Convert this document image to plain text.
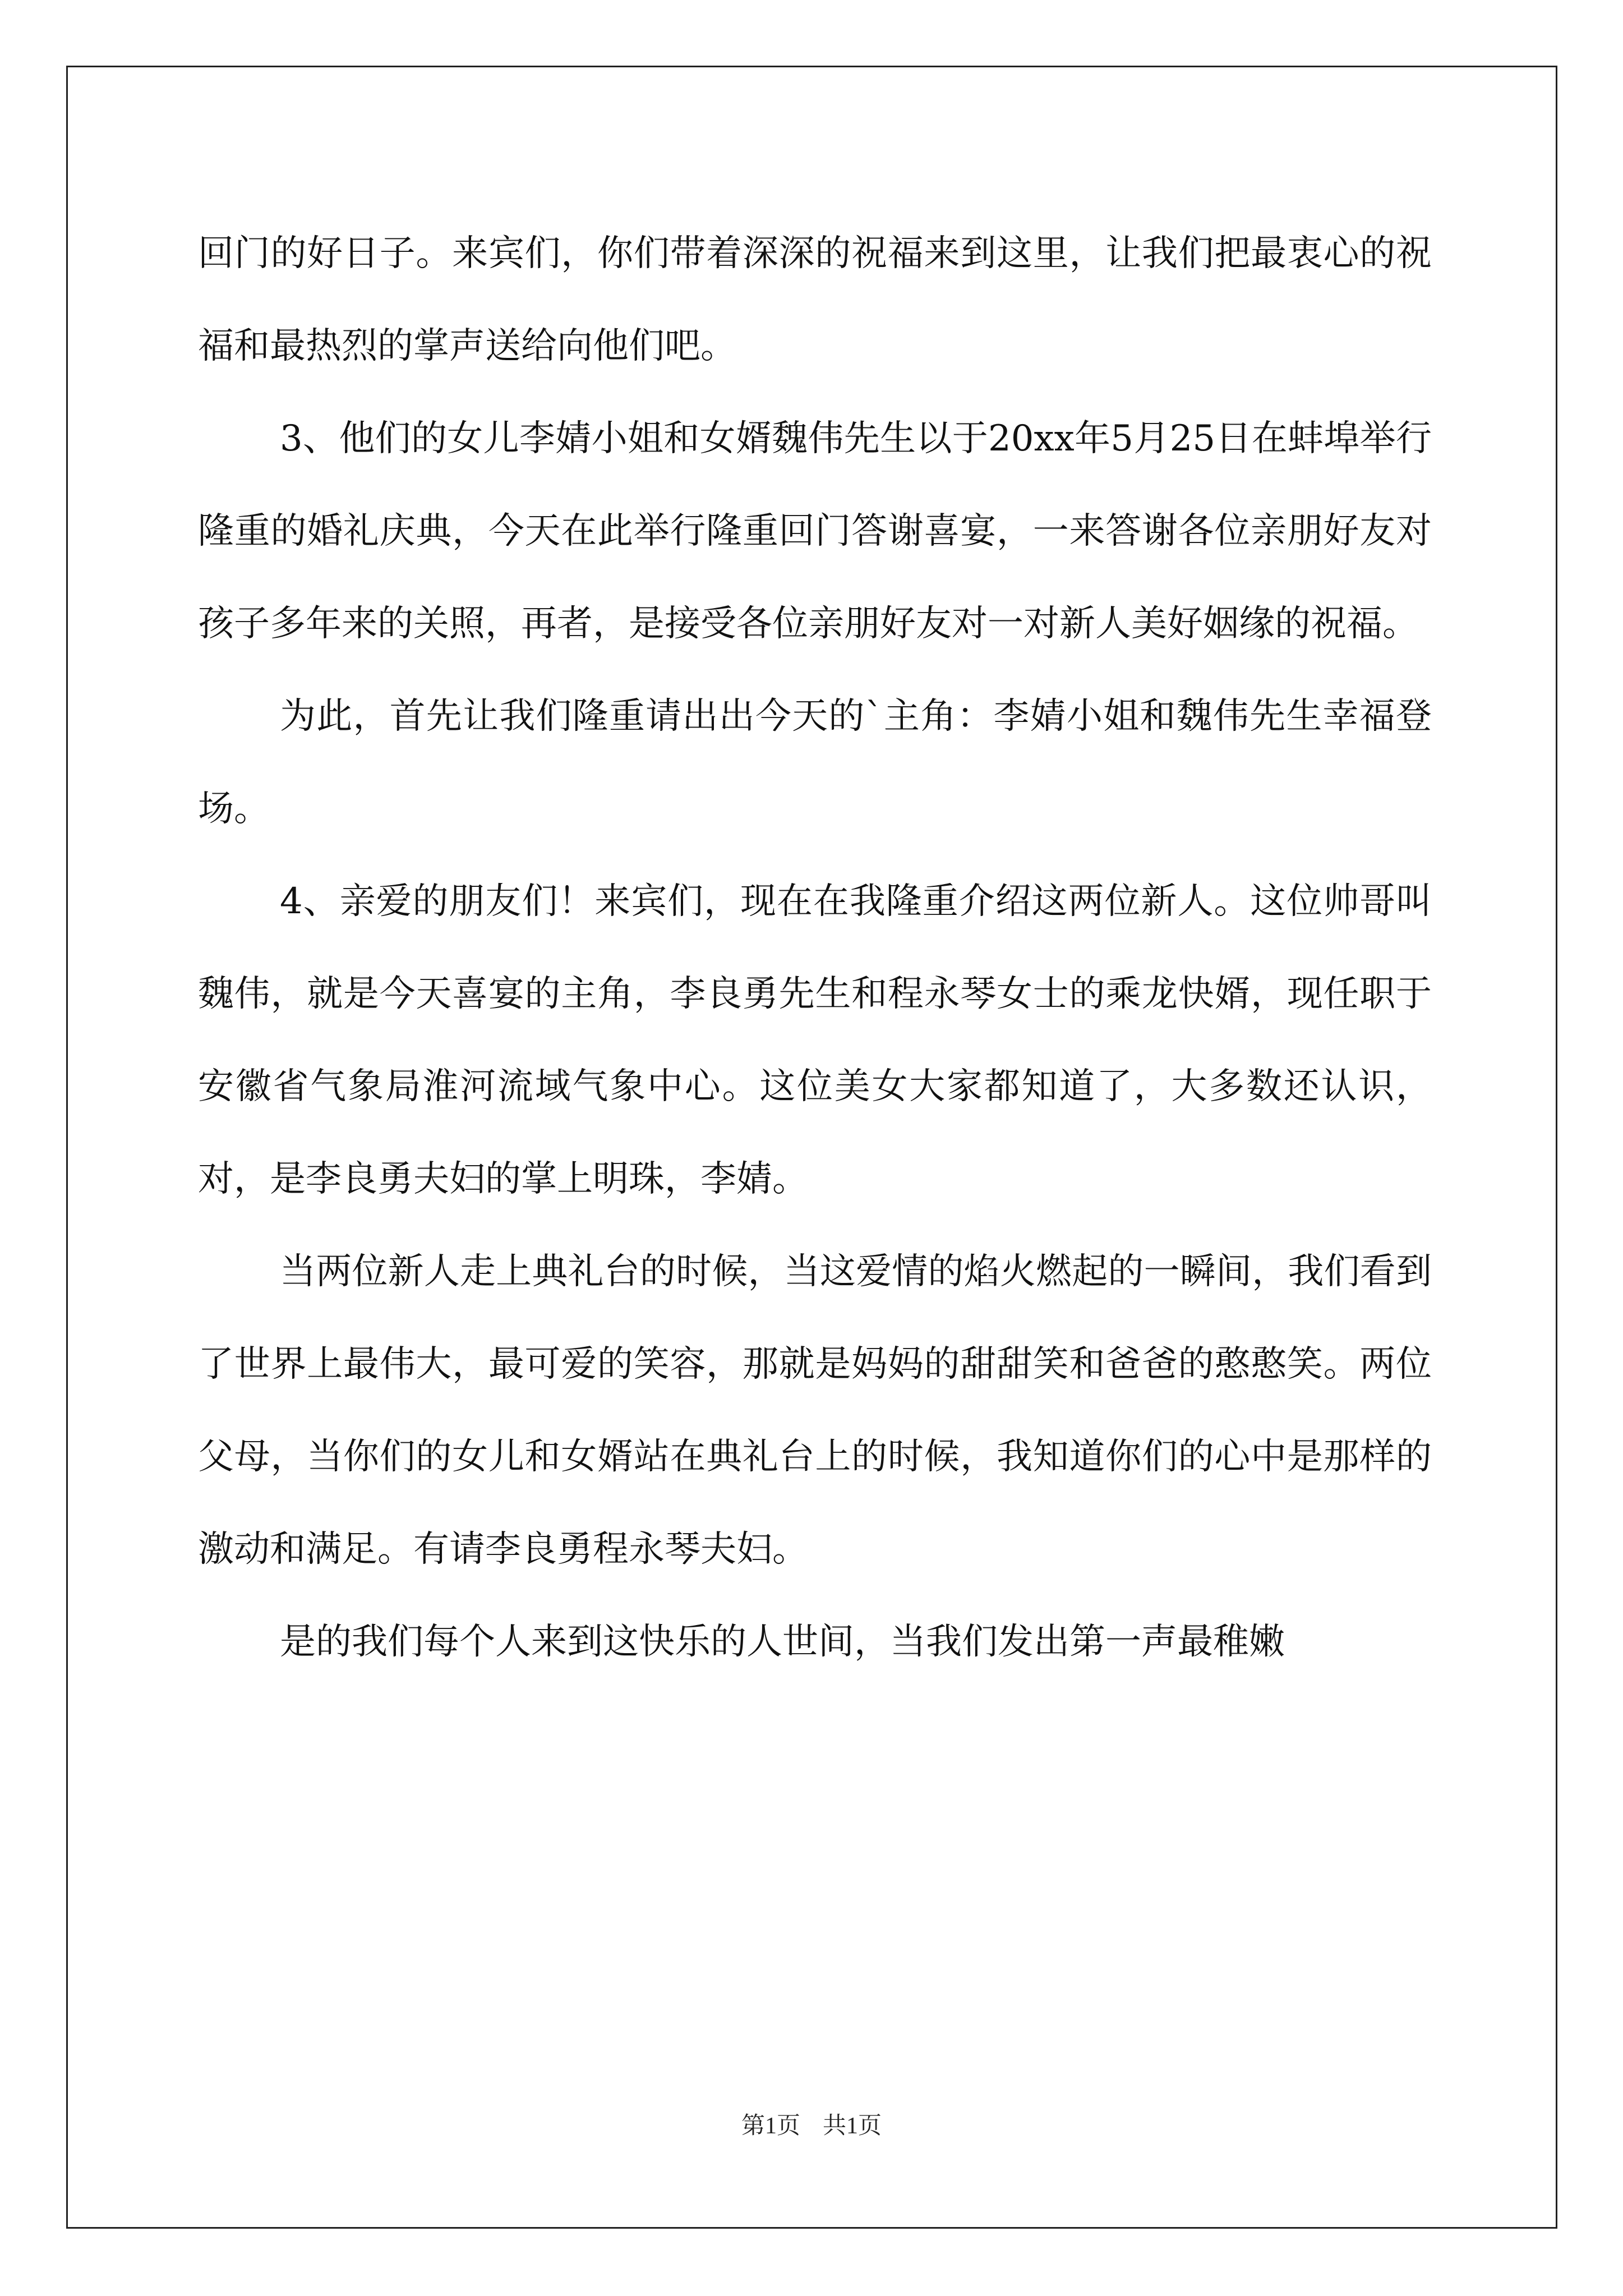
回门的好日子。来宾们，你们带着深深的祝福来到这里，让我们把最衷心的祝福和最热烈的掌声送给向他们吧。

3、他们的女儿李婧小姐和女婿魏伟先生以于20xx年5月25日在蚌埠举行隆重的婚礼庆典，今天在此举行隆重回门答谢喜宴，一来答谢各位亲朋好友对孩子多年来的关照，再者，是接受各位亲朋好友对一对新人美好姻缘的祝福。

为此，首先让我们隆重请出出今天的`主角：李婧小姐和魏伟先生幸福登场。

4、亲爱的朋友们！来宾们，现在在我隆重介绍这两位新人。这位帅哥叫魏伟，就是今天喜宴的主角，李良勇先生和程永琴女士的乘龙快婿，现任职于安徽省气象局淮河流域气象中心。这位美女大家都知道了，大多数还认识，对，是李良勇夫妇的掌上明珠，李婧。

当两位新人走上典礼台的时候，当这爱情的焰火燃起的一瞬间，我们看到了世界上最伟大，最可爱的笑容，那就是妈妈的甜甜笑和爸爸的憨憨笑。两位父母，当你们的女儿和女婿站在典礼台上的时候，我知道你们的心中是那样的激动和满足。有请李良勇程永琴夫妇。

是的我们每个人来到这快乐的人世间，当我们发出第一声最稚嫩

第1页 共1页
